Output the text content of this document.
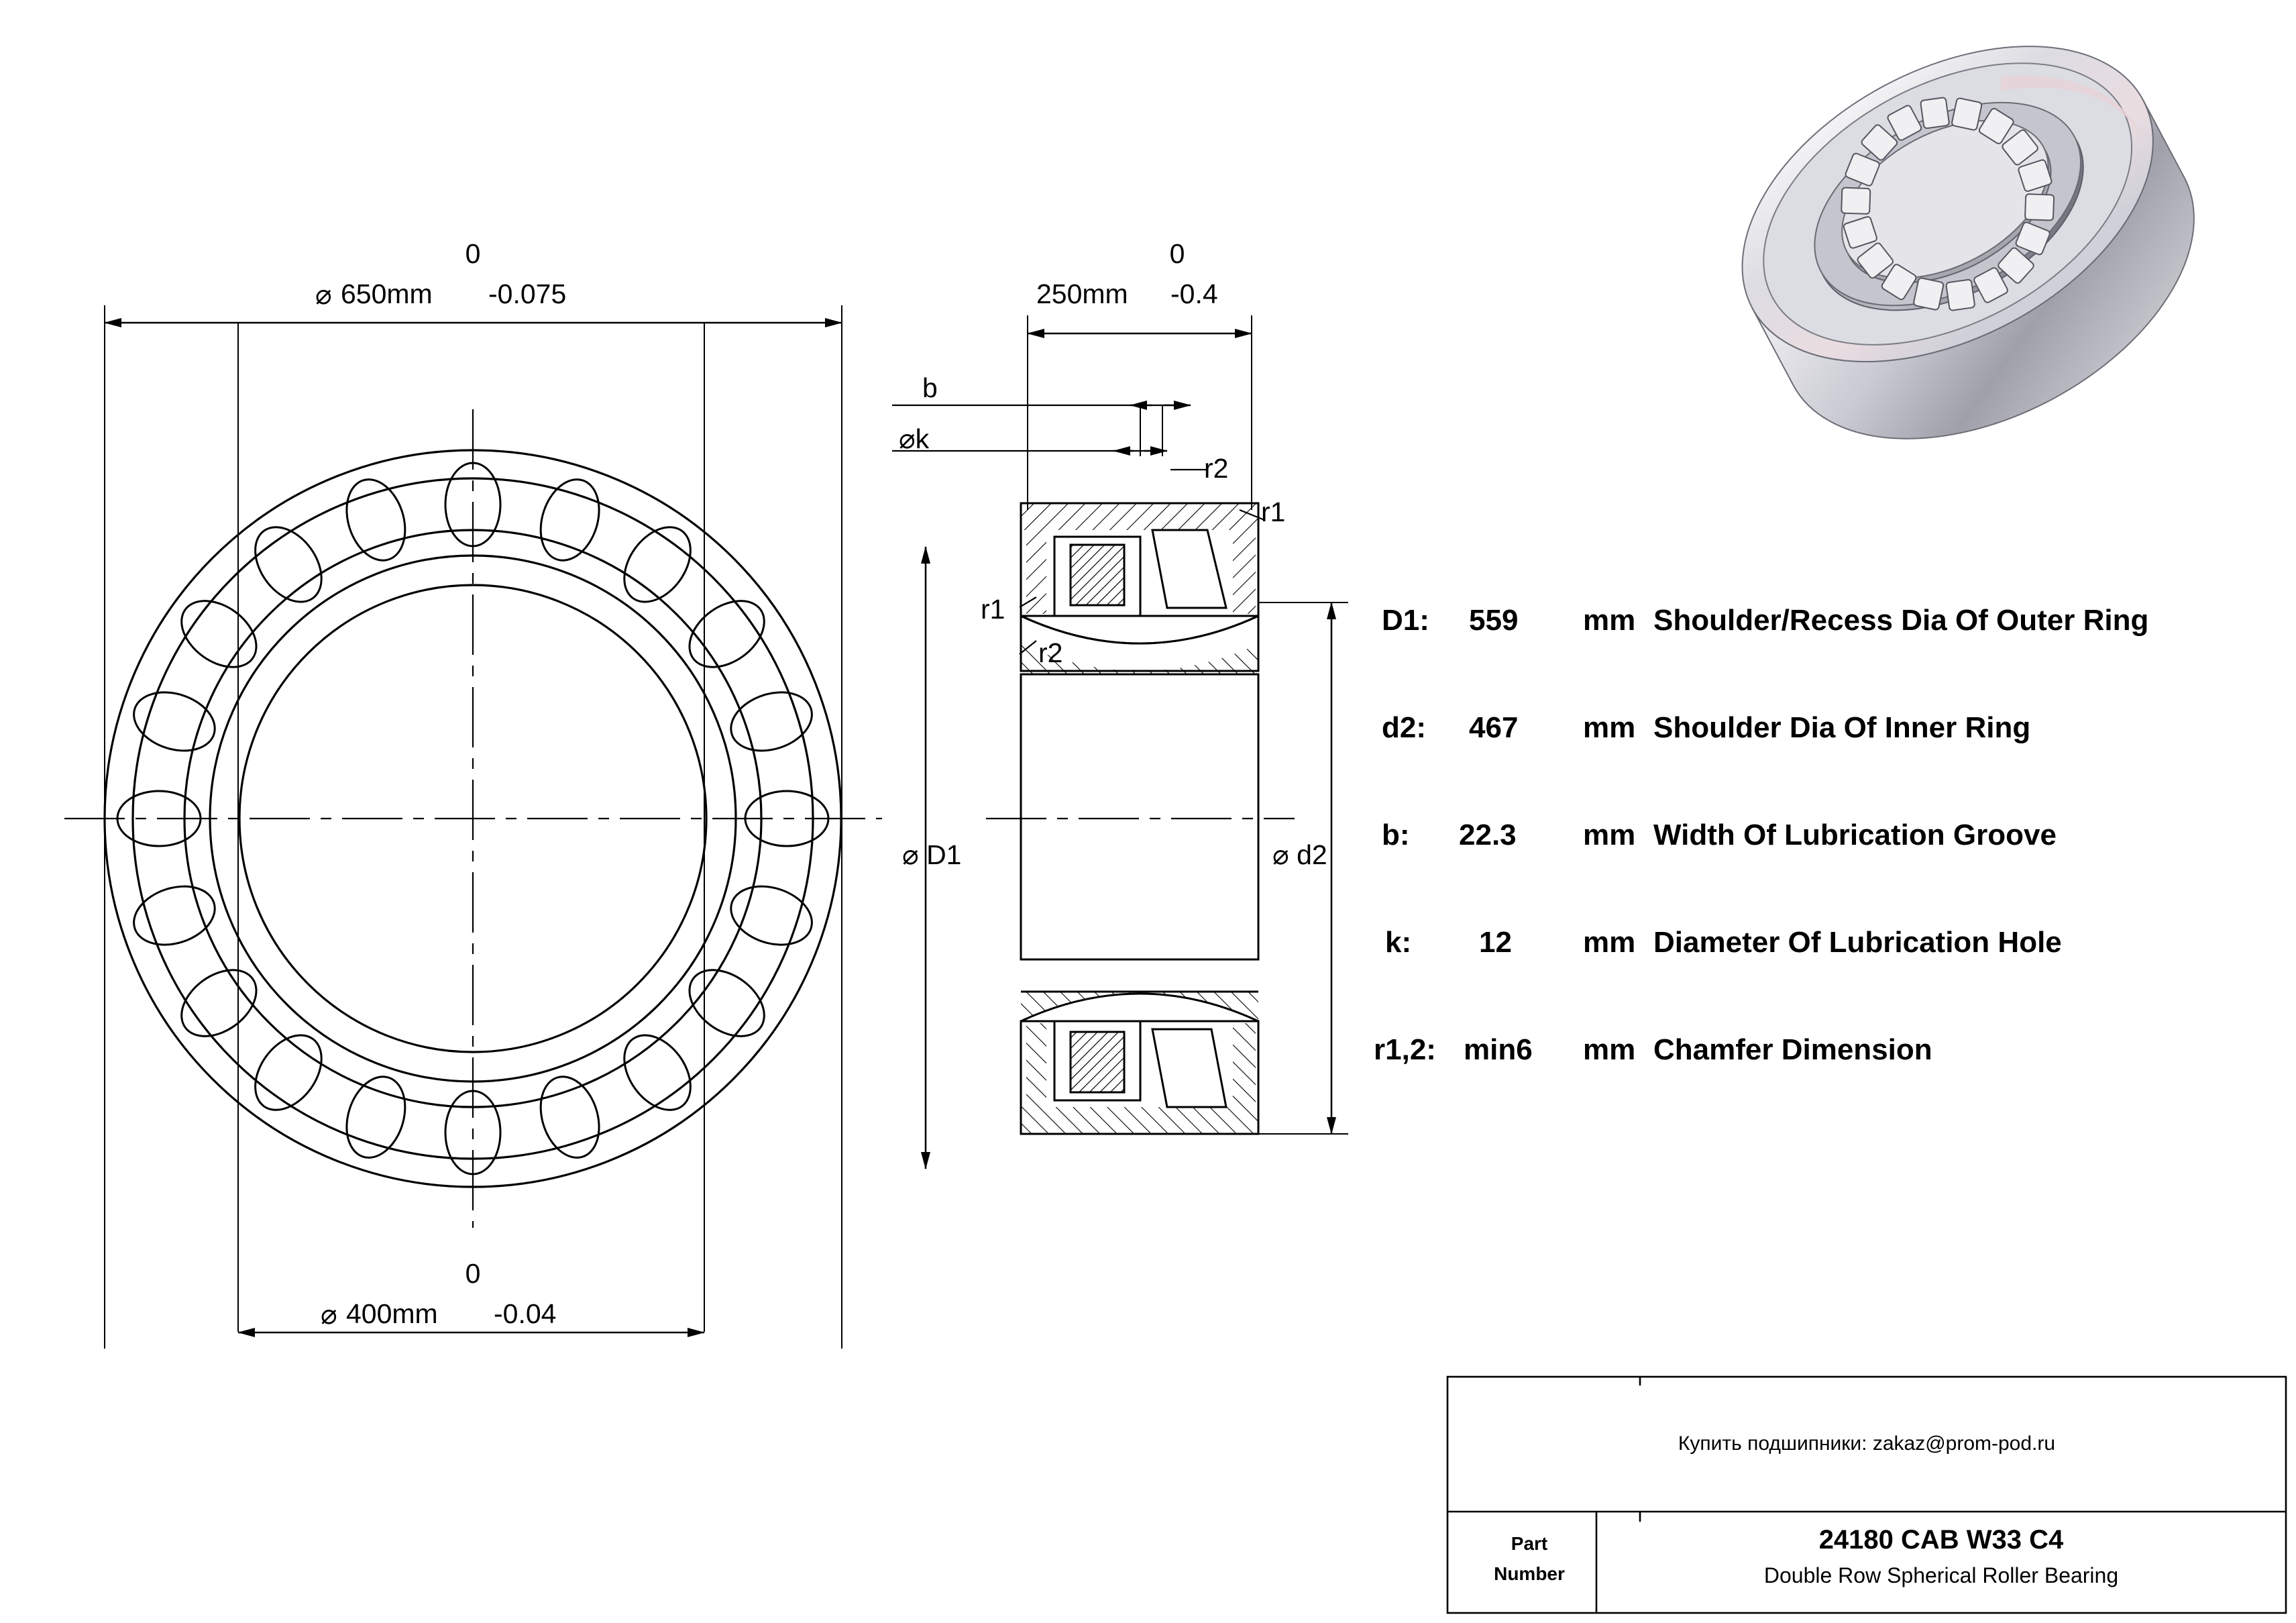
0
⌀ 650mm -0.075
0
⌀ 400mm -0.04
0
250mm -0.4
b
⌀k
r2
r1
r1
r2
⌀ D1	⌀ d2
D1: 559 mm Shoulder/Recess Dia Of Outer Ring
d2: 467 mm Shoulder Dia Of Inner Ring
b: 22.3 mm Width Of Lubrication Groove
k: 12 mm Diameter Of Lubrication Hole
r1,2: min6 mm Chamfer Dimension
Купить подшипники: zakaz@prom-pod.ru
Part
Number
24180 CAB W33 C4
Double Row Spherical Roller Bearing
